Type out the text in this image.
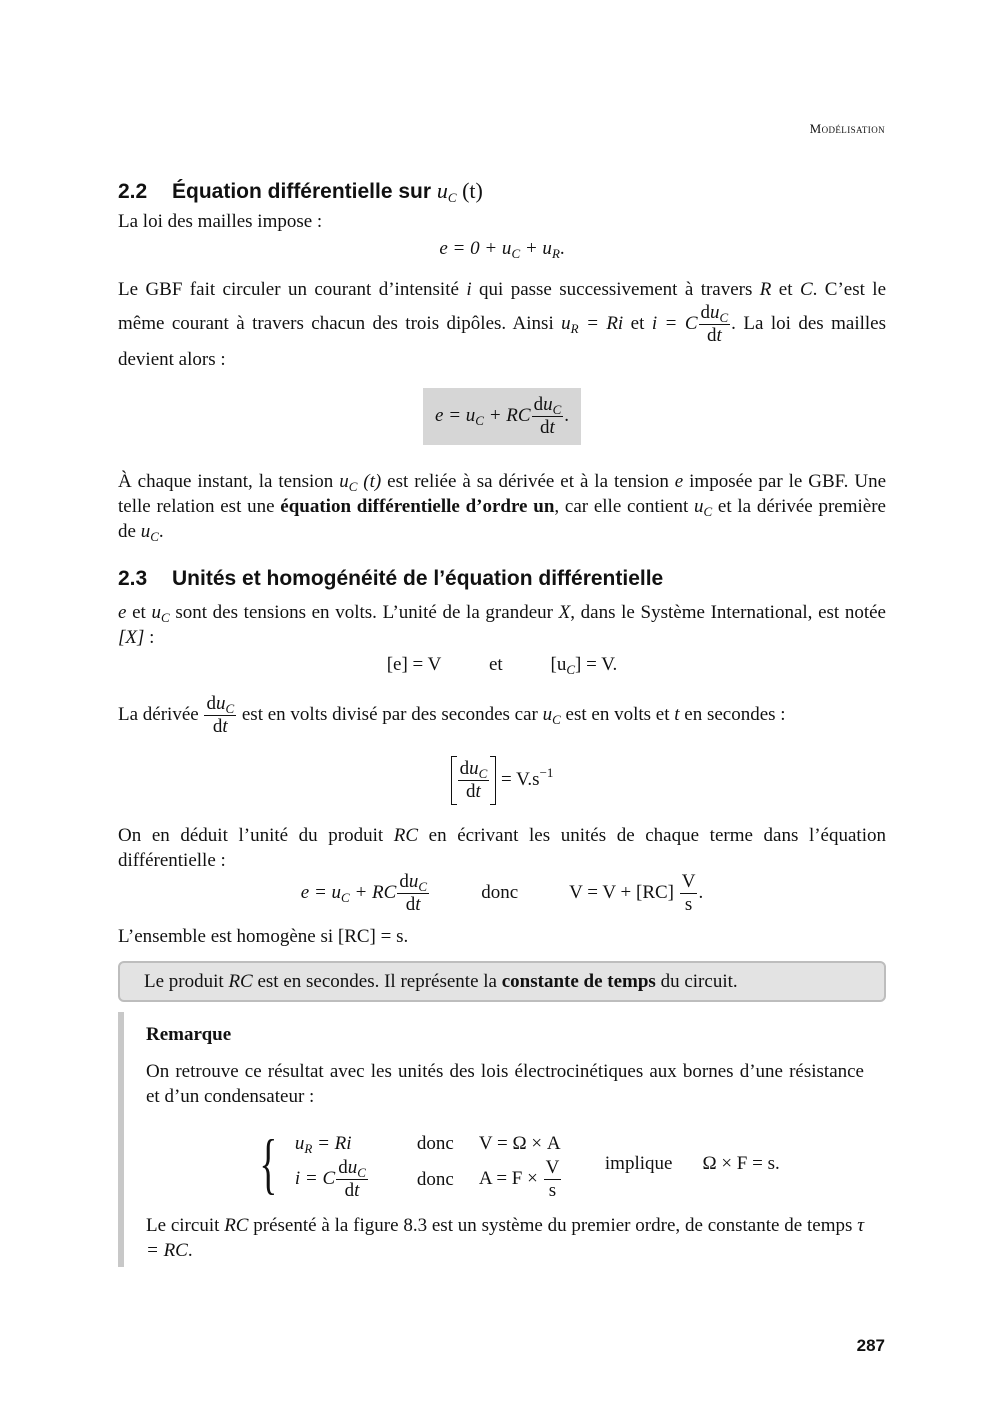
Modélisation
2.2 Équation différentielle sur $u_C$ (t)

La loi des mailles impose :

$e = 0 + u_C + u_R$.

Le GBF fait circuler un courant d’intensité i qui passe successivement à travers R et C. C’est le même courant à travers chacun des trois dipôles. Ainsi $u_R = Ri$ et i = C $\frac{du_C}{dt}$ . La loi des mailles devient alors :

$e = u_C$ + RC $\frac{du_C}{dt}$ .

À chaque instant, la tension $u_C$ (t) est reliée à sa dérivée et à la tension e imposée par le GBF. Une telle relation est une équation différentielle d’ordre un, car elle contient $u_C$ et la dérivée première de $u_C$.

2.3 Unités et homogénéité de l’équation différentielle

e et $u_C$ sont des tensions en volts. L’unité de la grandeur X, dans le Système International, est notée [X] :

[e] = V	et	$[u_C] = V$.

La dérivée $\frac{du_C}{dt}$ est en volts divisé par des secondes car $u_C$ est en volts et t en secondes :

$\frac{du_C}{dt} = V.s^{-1}$

On en déduit l’unité du produit RC en écrivant les unités de chaque terme dans l’équation différentielle :

$e = u_C$ + RC $\frac{du_C}{dt}$	donc	$V = V + [RC] \frac{V}{s}$ .

L’ensemble est homogène si [RC] = s.

Le produit RC est en secondes. Il représente la constante de temps du circuit.
Remarque

On retrouve ce résultat avec les unités des lois électrocinétiques aux bornes d’une résistance et d’un condensateur :

{ $u_R = Ri$	donc	V = Ω × A
i = C $\frac{du_C}{dt}$	donc	$A = F \times \frac{V}{s}$ implique Ω × F = s.

Le circuit RC présenté à la figure 8.3 est un système du premier ordre, de constante de temps τ = RC.

287
